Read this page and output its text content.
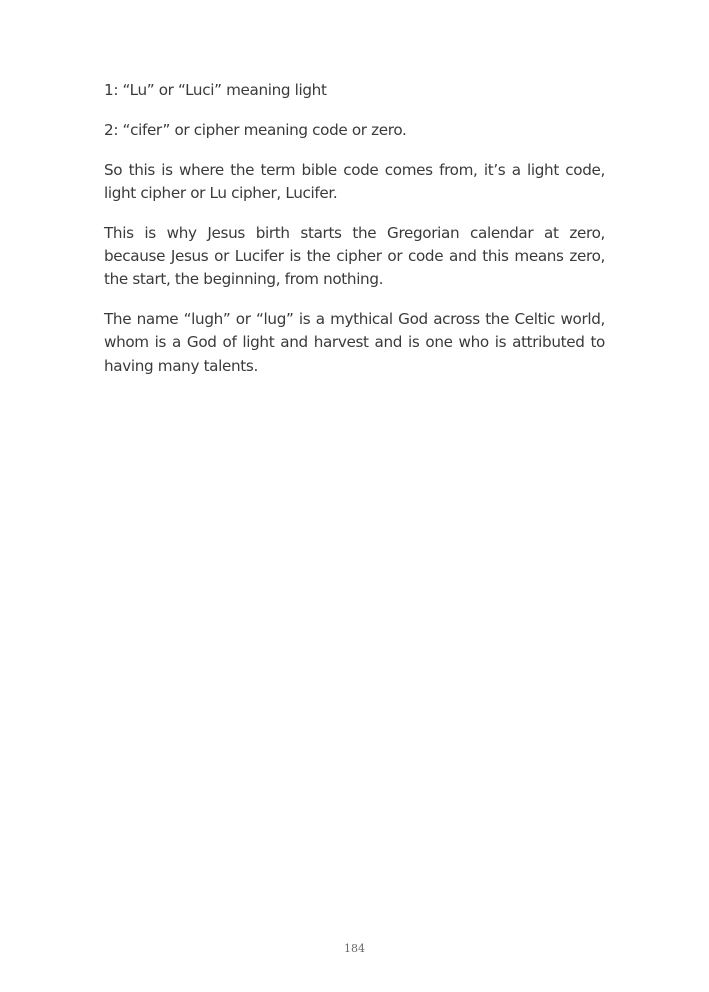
1: “Lu” or “Luci” meaning light

2: “cifer” or cipher meaning code or zero.

So this is where the term bible code comes from, it’s a light code, light cipher or Lu cipher, Lucifer.

This is why Jesus birth starts the Gregorian calendar at zero, because Jesus or Lucifer is the cipher or code and this means zero, the start, the beginning, from nothing.

The name “lugh” or “lug” is a mythical God across the Celtic world, whom is a God of light and harvest and is one who is attributed to having many talents.

184
